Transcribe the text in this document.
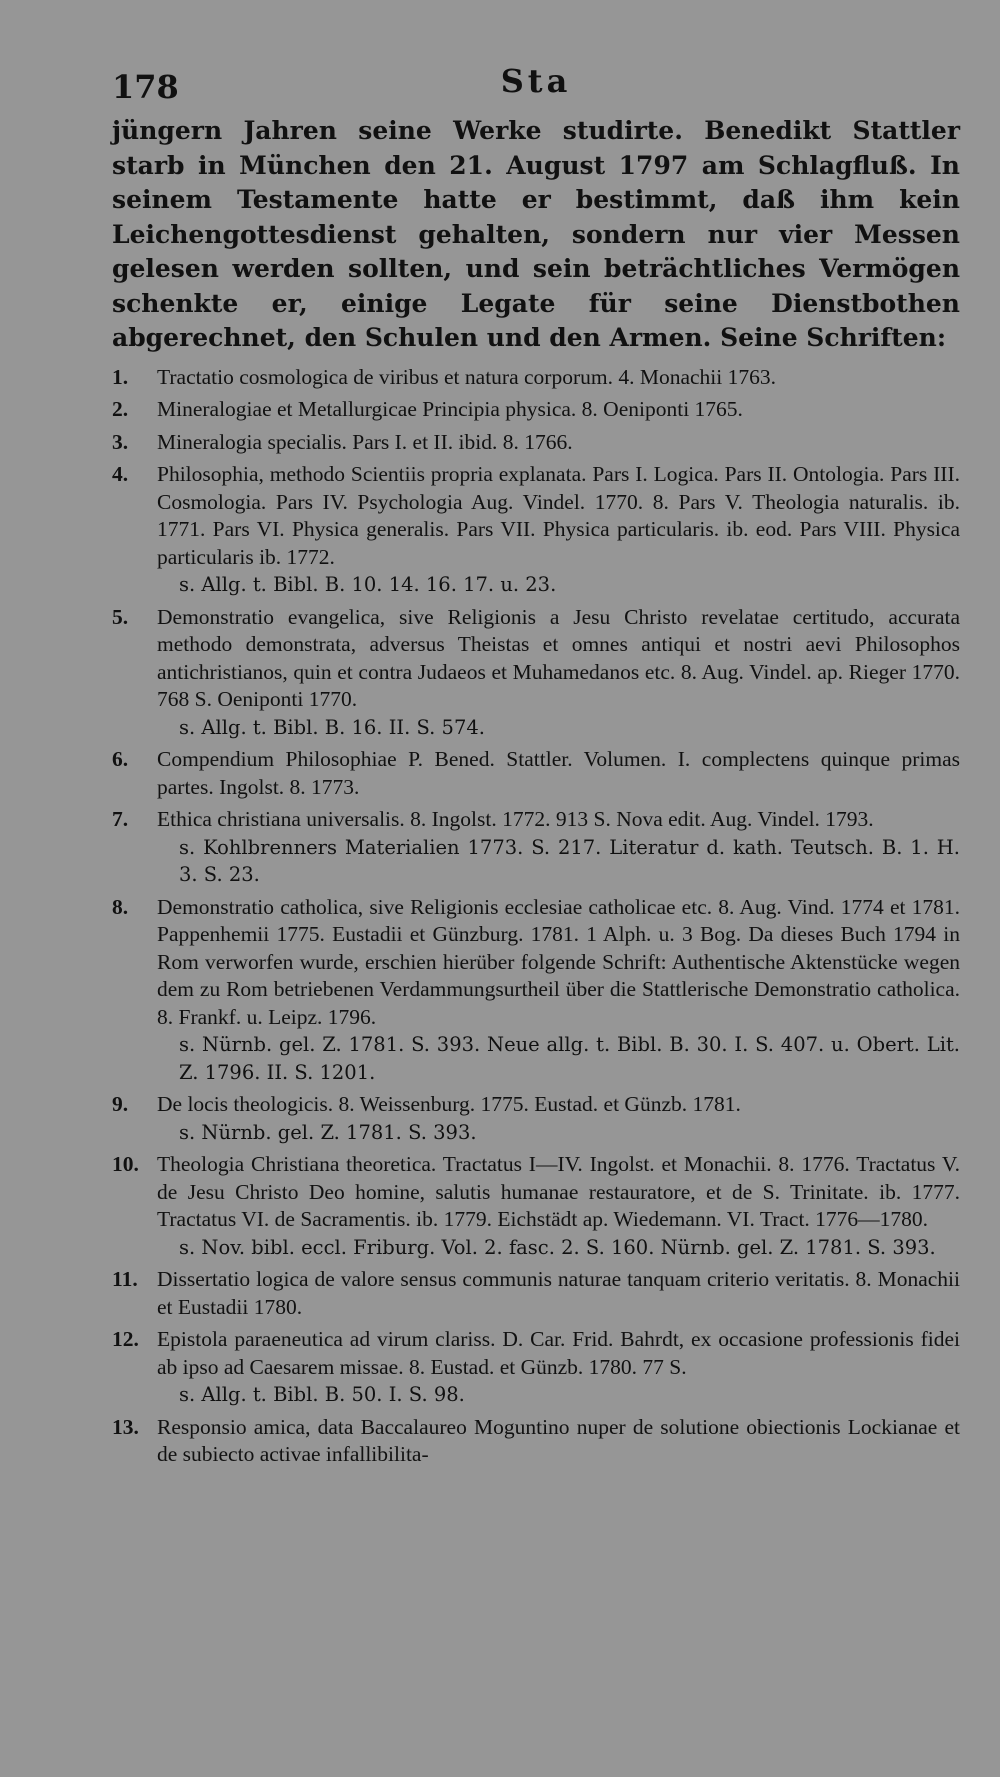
178	Sta

jüngern Jahren seine Werke studirte. Benedikt Stattler starb in München den 21. August 1797 am Schlagfluß. In seinem Testamente hatte er bestimmt, daß ihm kein Leichengottesdienst gehalten, sondern nur vier Messen gelesen werden sollten, und sein beträchtliches Vermögen schenkte er, einige Legate für seine Dienstbothen abgerechnet, den Schulen und den Armen. Seine Schriften:

1. Tractatio cosmologica de viribus et natura corporum. 4. Monachii 1763.
2. Mineralogiae et Metallurgicae Principia physica. 8. Oeniponti 1765.
3. Mineralogia specialis. Pars I. et II. ibid. 8. 1766.
4. Philosophia, methodo Scientiis propria explanata. Pars I. Logica. Pars II. Ontologia. Pars III. Cosmologia. Pars IV. Psychologia Aug. Vindel. 1770. 8. Pars V. Theologia naturalis. ib. 1771. Pars VI. Physica generalis. Pars VII. Physica particularis. ib. eod. Pars VIII. Physica particularis ib. 1772.
s. Allg. t. Bibl. B. 10. 14. 16. 17. u. 23.
5. Demonstratio evangelica, sive Religionis a Jesu Christo revelatae certitudo, accurata methodo demonstrata, adversus Theistas et omnes antiqui et nostri aevi Philosophos antichristianos, quin et contra Judaeos et Muhamedanos etc. 8. Aug. Vindel. ap. Rieger 1770. 768 S. Oeniponti 1770.
s. Allg. t. Bibl. B. 16. II. S. 574.
6. Compendium Philosophiae P. Bened. Stattler. Volumen. I. complectens quinque primas partes. Ingolst. 8. 1773.
7. Ethica christiana universalis. 8. Ingolst. 1772. 913 S. Nova edit. Aug. Vindel. 1793.
s. Kohlbrenners Materialien 1773. S. 217. Literatur d. kath. Teutsch. B. 1. H. 3. S. 23.
8. Demonstratio catholica, sive Religionis ecclesiae catholicae etc. 8. Aug. Vind. 1774 et 1781. Pappenhemii 1775. Eustadii et Günzburg. 1781. 1 Alph. u. 3 Bog. Da dieses Buch 1794 in Rom verworfen wurde, erschien hierüber folgende Schrift: Authentische Aktenstücke wegen dem zu Rom betriebenen Verdammungsurtheil über die Stattlerische Demonstratio catholica. 8. Frankf. u. Leipz. 1796.
s. Nürnb. gel. Z. 1781. S. 393. Neue allg. t. Bibl. B. 30. I. S. 407. u. Obert. Lit. Z. 1796. II. S. 1201.
9. De locis theologicis. 8. Weissenburg. 1775. Eustad. et Günzb. 1781.
s. Nürnb. gel. Z. 1781. S. 393.
10. Theologia Christiana theoretica. Tractatus I—IV. Ingolst. et Monachii. 8. 1776. Tractatus V. de Jesu Christo Deo homine, salutis humanae restauratore, et de S. Trinitate. ib. 1777. Tractatus VI. de Sacramentis. ib. 1779. Eichstädt ap. Wiedemann. VI. Tract. 1776—1780.
s. Nov. bibl. eccl. Friburg. Vol. 2. fasc. 2. S. 160. Nürnb. gel. Z. 1781. S. 393.
11. Dissertatio logica de valore sensus communis naturae tanquam criterio veritatis. 8. Monachii et Eustadii 1780.
12. Epistola paraeneutica ad virum clariss. D. Car. Frid. Bahrdt, ex occasione professionis fidei ab ipso ad Caesarem missae. 8. Eustad. et Günzb. 1780. 77 S.
s. Allg. t. Bibl. B. 50. I. S. 98.
13. Responsio amica, data Baccalaureo Moguntino nuper de solutione obiectionis Lockianae et de subiecto activae infallibilita-
